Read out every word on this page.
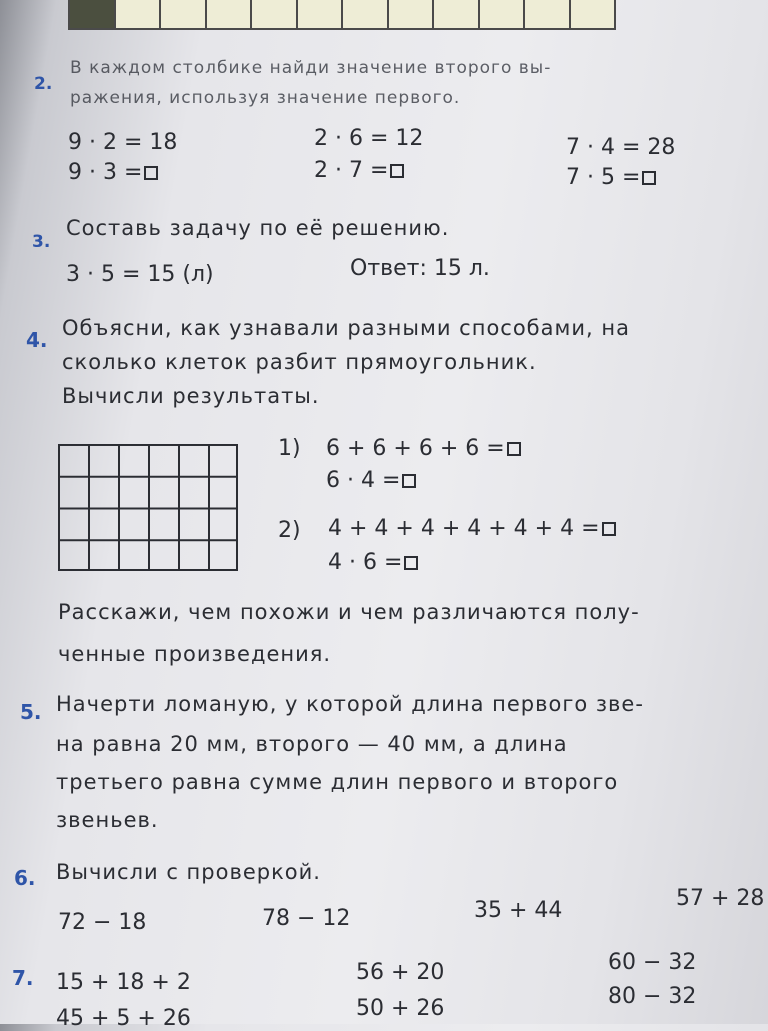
2.
В каждом столбике найди значение второго вы-
ражения, используя значение первого.
9 · 2 = 18
9 · 3 =
2 · 6 = 12
2 · 7 =
7 · 4 = 28
7 · 5 =
3.
Составь задачу по её решению.
3 · 5 = 15 (л)	Ответ: 15 л.
4. Объясни, как узнавали разными способами, на
сколько клеток разбит прямоугольник.
Вычисли результаты.
1) 6 + 6 + 6 + 6 =
6 · 4 =
2) 4 + 4 + 4 + 4 + 4 + 4 =
4 · 6 =
Расскажи, чем похожи и чем различаются полу-
ченные произведения.
5. Начерти ломаную, у которой длина первого зве-
на равна 20 мм, второго — 40 мм, а длина
третьего равна сумме длин первого и второго
звеньев.
6. Вычисли с проверкой.
72 − 18	78 − 12	35 + 44	57 + 28
7. 15 + 18 + 2	56 + 20	60 − 32
45 + 5 + 26	50 + 26	80 − 32
